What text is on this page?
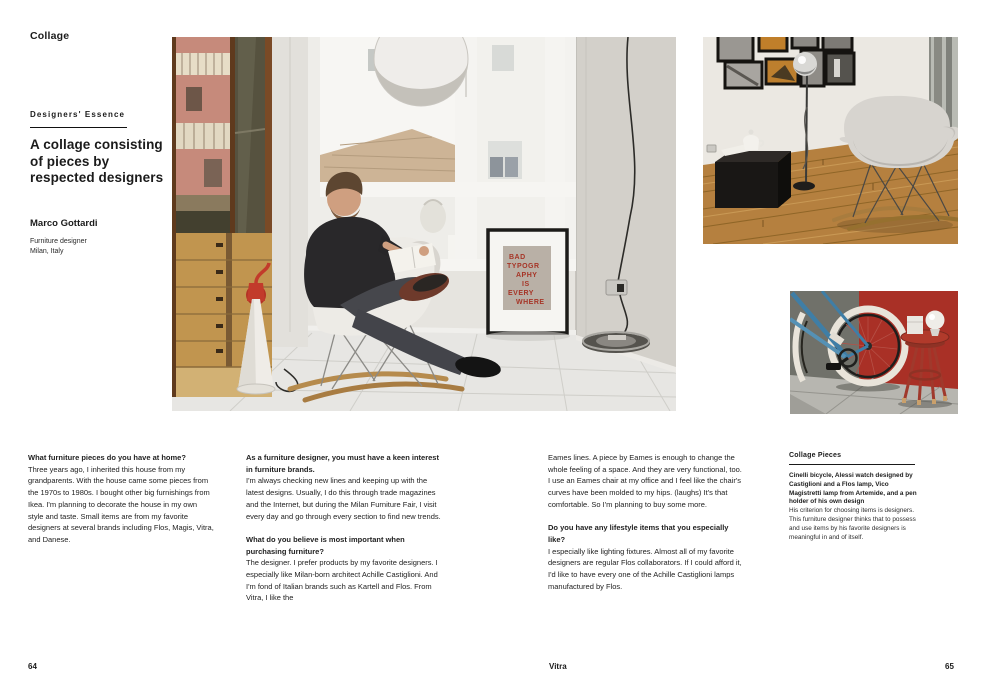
Collage
Designers' Essence
A collage consisting of pieces by respected designers
Marco Gottardi
Furniture designer
Milan, Italy
BAD
TYPOGR
APHY
IS
EVERY
WHERE

What furniture pieces do you have at home?

Three years ago, I inherited this house from my grandparents. With the house came some pieces from the 1970s to 1980s. I bought other big furnishings from Ikea. I'm planning to decorate the house in my own style and taste. Small items are from my favorite designers at several brands including Flos, Magis, Vitra, and Danese.

As a furniture designer, you must have a keen interest in furniture brands.

I'm always checking new lines and keeping up with the latest designs. Usually, I do this through trade magazines and the Internet, but during the Milan Furniture Fair, I visit every day and go through every section to find new trends.

What do you believe is most important when purchasing furniture?

The designer. I prefer products by my favorite designers. I especially like Milan-born architect Achille Castiglioni. And I'm fond of Italian brands such as Kartell and Flos. From Vitra, I like the

Eames lines. A piece by Eames is enough to change the whole feeling of a space. And they are very functional, too. I use an Eames chair at my office and I feel like the chair's curves have been molded to my hips. (laughs) It's that comfortable. So I'm planning to buy some more.

Do you have any lifestyle items that you especially like?

I especially like lighting fixtures. Almost all of my favorite designers are regular Flos collaborators. If I could afford it, I'd like to have every one of the Achille Castiglioni lamps manufactured by Flos.

Collage Pieces
Cinelli bicycle, Alessi watch designed by Castiglioni and a Flos lamp, Vico Magistretti lamp from Artemide, and a pen holder of his own design
His criterion for choosing items is designers. This furniture designer thinks that to possess and use items by his favorite designers is meaningful in and of itself.
64	Vitra	65
